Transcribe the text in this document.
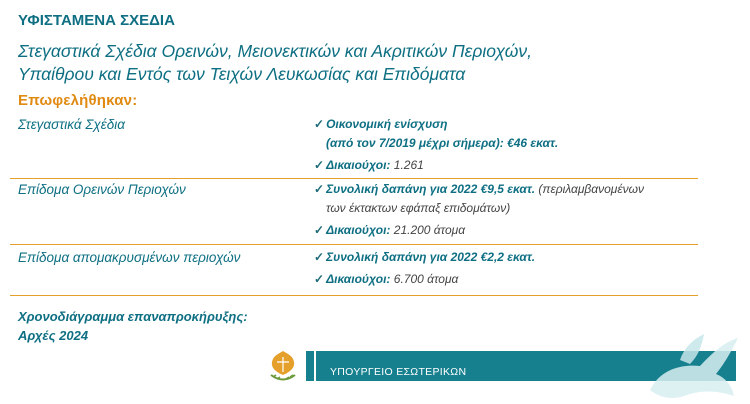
ΥΦΙΣΤΑΜΕΝΑ ΣΧΕΔΙΑ
Στεγαστικά Σχέδια Ορεινών, Μειονεκτικών και Ακριτικών Περιοχών,
Υπαίθρου και Εντός των Τειχών Λευκωσίας και Επιδόματα
Επωφελήθηκαν:
Στεγαστικά Σχέδια	✓ Οικονομική ενίσχυση
(από τον 7/2019 μέχρι σήμερα): €46 εκατ.
✓ Δικαιούχοι: 1.261
Επίδομα Ορεινών Περιοχών	✓ Συνολική δαπάνη για 2022 €9,5 εκατ. (περιλαμβανομένων
των έκτακτων εφάπαξ επιδομάτων)
✓ Δικαιούχοι: 21.200 άτομα
Επίδομα απομακρυσμένων περιοχών	✓ Συνολική δαπάνη για 2022 €2,2 εκατ.
✓ Δικαιούχοι: 6.700 άτομα
Χρονοδιάγραμμα επαναπροκήρυξης:
Αρχές 2024
ΥΠΟΥΡΓΕΙΟ ΕΣΩΤΕΡΙΚΩΝ
